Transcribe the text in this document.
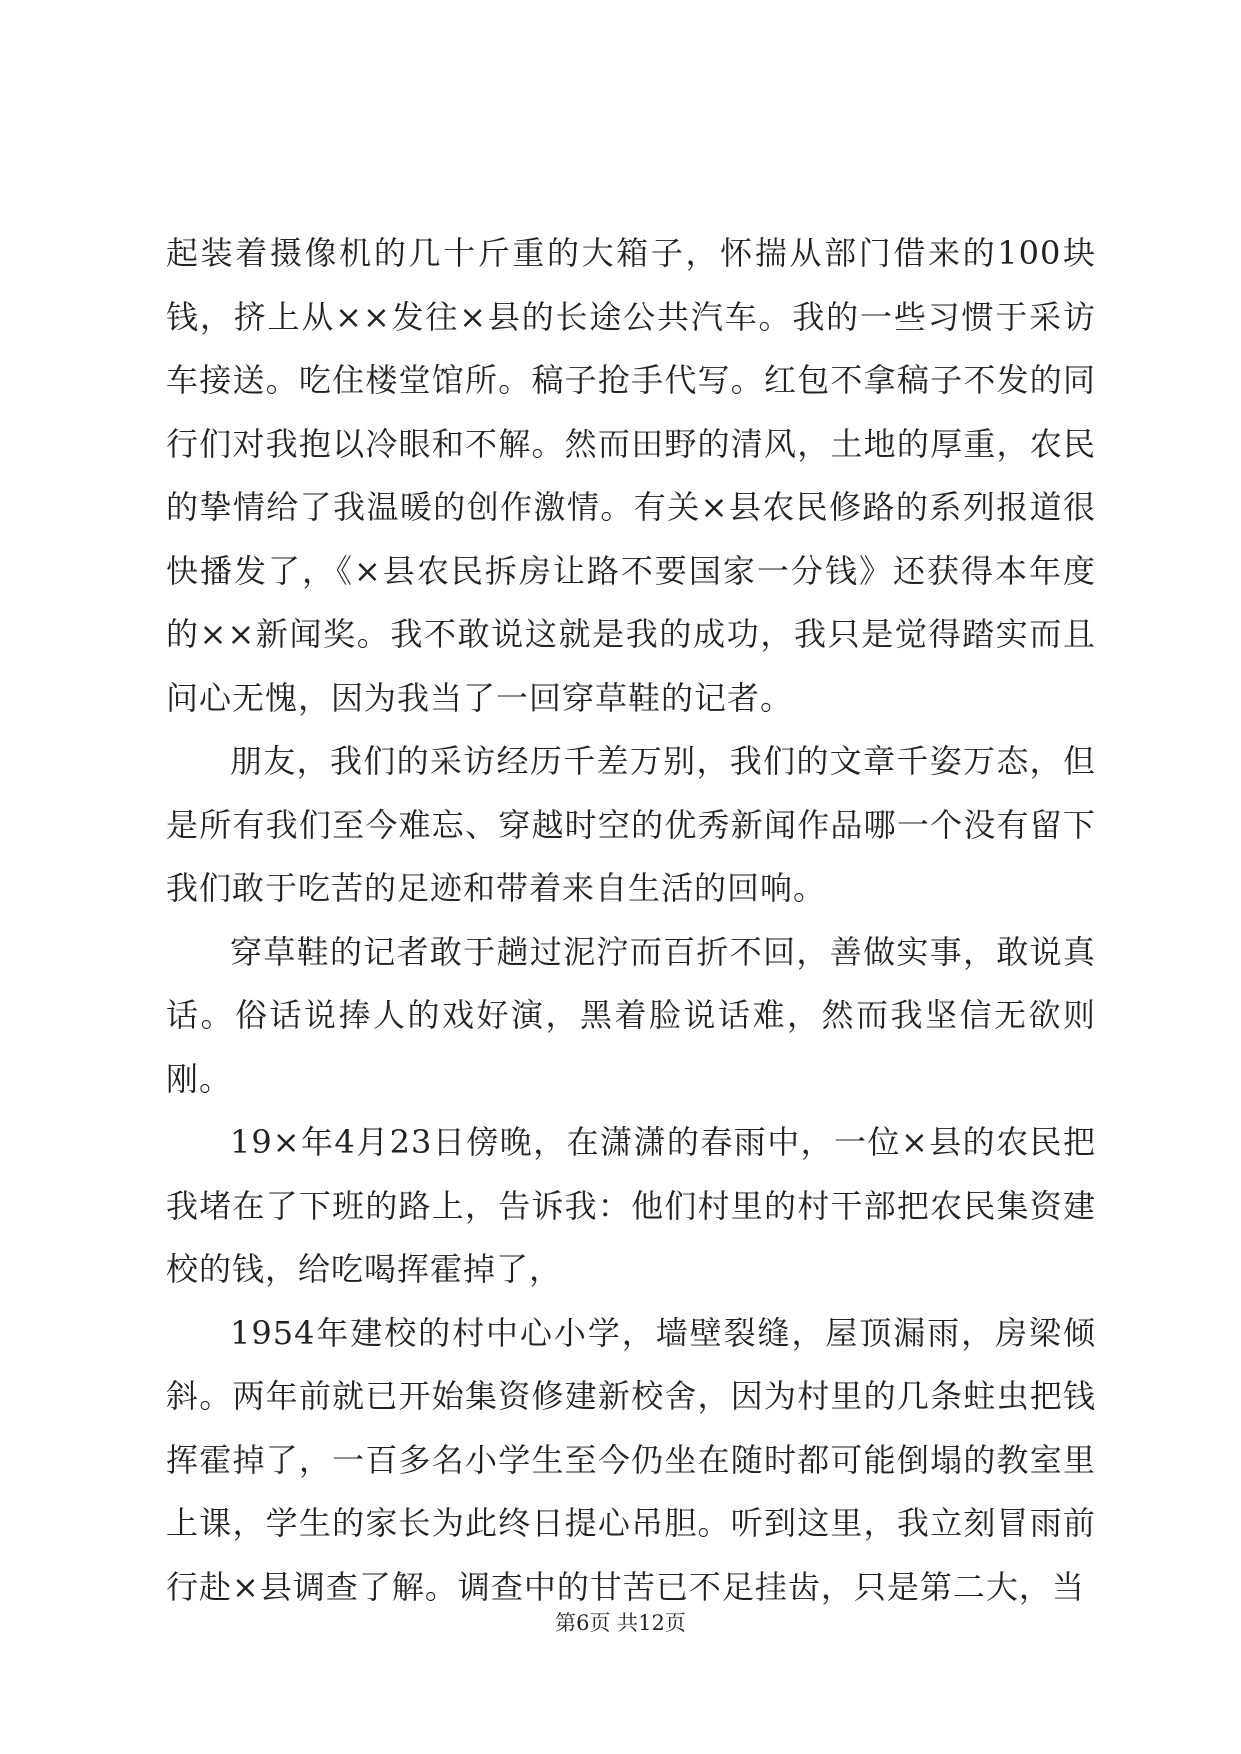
起装着摄像机的几十斤重的大箱子，怀揣从部门借来的100块钱，挤上从××发往×县的长途公共汽车。我的一些习惯于采访车接送。吃住楼堂馆所。稿子抢手代写。红包不拿稿子不发的同行们对我抱以冷眼和不解。然而田野的清风，土地的厚重，农民的挚情给了我温暖的创作激情。有关×县农民修路的系列报道很快播发了，《×县农民拆房让路不要国家一分钱》还获得本年度的××新闻奖。我不敢说这就是我的成功，我只是觉得踏实而且问心无愧，因为我当了一回穿草鞋的记者。

朋友，我们的采访经历千差万别，我们的文章千姿万态，但是所有我们至今难忘、穿越时空的优秀新闻作品哪一个没有留下我们敢于吃苦的足迹和带着来自生活的回响。

穿草鞋的记者敢于趟过泥泞而百折不回，善做实事，敢说真话。俗话说捧人的戏好演，黑着脸说话难，然而我坚信无欲则刚。

19×年4月23日傍晚，在潇潇的春雨中，一位×县的农民把我堵在了下班的路上，告诉我：他们村里的村干部把农民集资建校的钱，给吃喝挥霍掉了，

1954年建校的村中心小学，墙壁裂缝，屋顶漏雨，房梁倾斜。两年前就已开始集资修建新校舍，因为村里的几条蛀虫把钱挥霍掉了，一百多名小学生至今仍坐在随时都可能倒塌的教室里上课，学生的家长为此终日提心吊胆。听到这里，我立刻冒雨前行赴×县调查了解。调查中的甘苦已不足挂齿，只是第二大，当

第6页 共12页
